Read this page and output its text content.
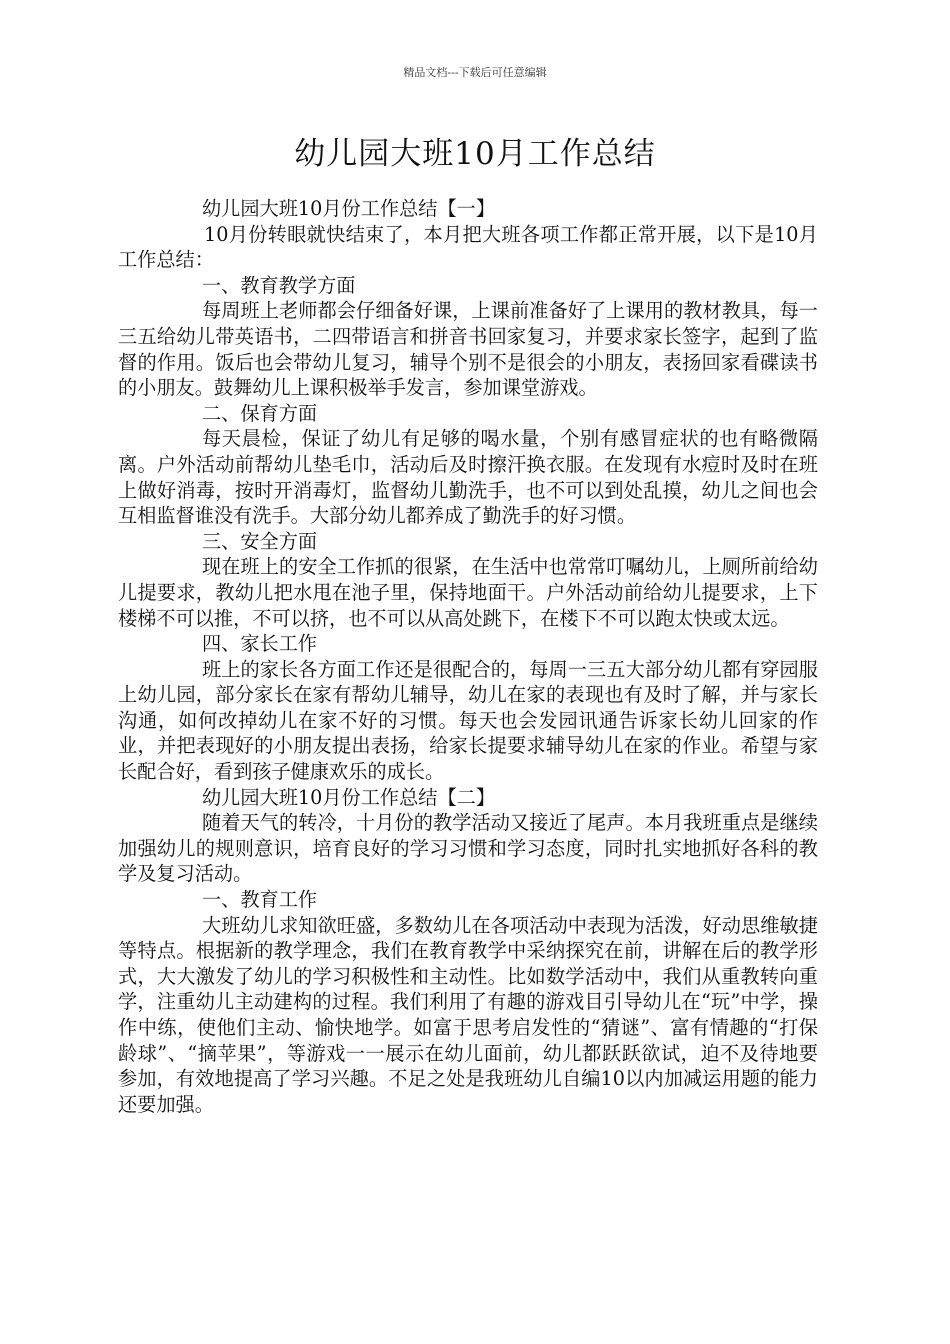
精品文档---下载后可任意编辑
幼儿园大班10月工作总结

幼儿园大班10月份工作总结【一】

10月份转眼就快结束了，本月把大班各项工作都正常开展，以下是10月工作总结：

一、教育教学方面

每周班上老师都会仔细备好课，上课前准备好了上课用的教材教具，每一三五给幼儿带英语书，二四带语言和拼音书回家复习，并要求家长签字，起到了监督的作用。饭后也会带幼儿复习，辅导个别不是很会的小朋友，表扬回家看碟读书的小朋友。鼓舞幼儿上课积极举手发言，参加课堂游戏。

二、保育方面

每天晨检，保证了幼儿有足够的喝水量，个别有感冒症状的也有略微隔离。户外活动前帮幼儿垫毛巾，活动后及时擦汗换衣服。在发现有水痘时及时在班上做好消毒，按时开消毒灯，监督幼儿勤洗手，也不可以到处乱摸，幼儿之间也会互相监督谁没有洗手。大部分幼儿都养成了勤洗手的好习惯。

三、安全方面

现在班上的安全工作抓的很紧，在生活中也常常叮嘱幼儿，上厕所前给幼儿提要求，教幼儿把水甩在池子里，保持地面干。户外活动前给幼儿提要求，上下楼梯不可以推，不可以挤，也不可以从高处跳下，在楼下不可以跑太快或太远。

四、家长工作

班上的家长各方面工作还是很配合的，每周一三五大部分幼儿都有穿园服上幼儿园，部分家长在家有帮幼儿辅导，幼儿在家的表现也有及时了解，并与家长沟通，如何改掉幼儿在家不好的习惯。每天也会发园讯通告诉家长幼儿回家的作业，并把表现好的小朋友提出表扬，给家长提要求辅导幼儿在家的作业。希望与家长配合好，看到孩子健康欢乐的成长。

幼儿园大班10月份工作总结【二】

随着天气的转冷，十月份的教学活动又接近了尾声。本月我班重点是继续加强幼儿的规则意识，培育良好的学习习惯和学习态度，同时扎实地抓好各科的教学及复习活动。

一、教育工作

大班幼儿求知欲旺盛，多数幼儿在各项活动中表现为活泼，好动思维敏捷等特点。根据新的教学理念，我们在教育教学中采纳探究在前，讲解在后的教学形式，大大激发了幼儿的学习积极性和主动性。比如数学活动中，我们从重教转向重学，注重幼儿主动建构的过程。我们利用了有趣的游戏目引导幼儿在“玩”中学，操作中练，使他们主动、愉快地学。如富于思考启发性的“猜谜”、富有情趣的“打保龄球”、“摘苹果”，等游戏一一展示在幼儿面前，幼儿都跃跃欲试，迫不及待地要参加，有效地提高了学习兴趣。不足之处是我班幼儿自编10以内加减运用题的能力还要加强。
